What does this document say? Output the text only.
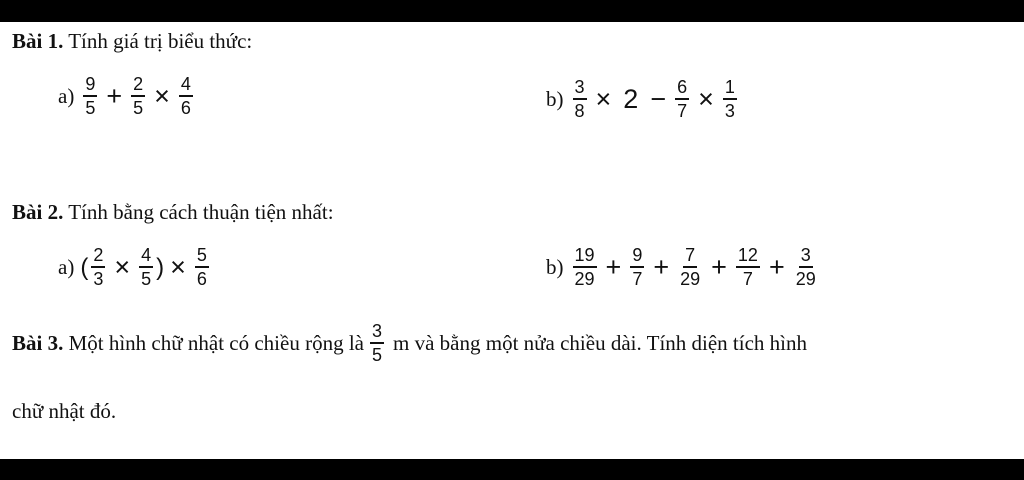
Bài 1. Tính giá trị biểu thức:
$a) \frac{9}{5} + \frac{2}{5} \times \frac{4}{6}$	$b) \frac{3}{8} \times 2 - \frac{6}{7} \times \frac{1}{3}$
Bài 2. Tính bằng cách thuận tiện nhất:
a) ( $\frac{2}{3} \times \frac{4}{5}$ ) × $\frac{5}{6}$	$b) \frac{19}{29} + \frac{9}{7} + \frac{7}{29} + \frac{12}{7} + \frac{3}{29}$
Bài 3. Một hình chữ nhật có chiều rộng là $\frac{3}{5}$ m và bằng một nửa chiều dài. Tính diện tích hình
chữ nhật đó.
